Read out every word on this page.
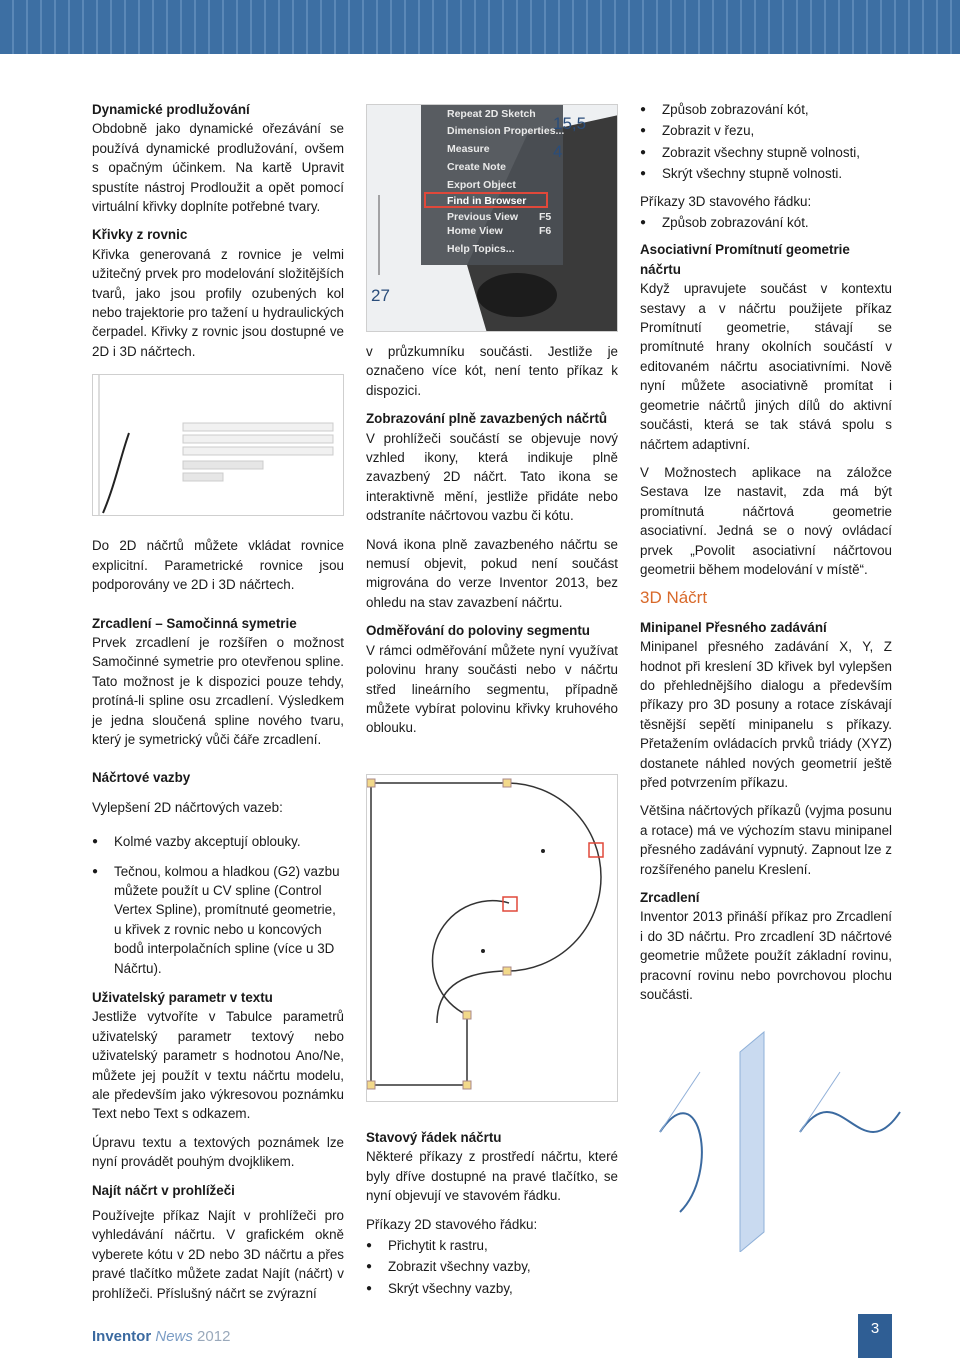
Dynamické prodlužování

Obdobně jako dynamické ořezávání se používá dynamické prodlužování, ovšem s opačným účinkem. Na kartě Upravit spustíte nástroj Prodloužit a opět pomocí virtuální křivky doplníte potřebné tvary.

Křivky z rovnic

Křivka generovaná z rovnice je velmi užitečný prvek pro modelování složitějších tvarů, jako jsou profily ozubených kol nebo trajektorie pro tažení u hydraulických čerpadel. Křivky z rovnic jsou dostupné ve 2D i 3D náčrtech.

Do 2D náčrtů můžete vkládat rovnice explicitní. Parametrické rovnice jsou podporovány ve 2D i 3D náčrtech.

Zrcadlení – Samočinná symetrie

Prvek zrcadlení je rozšířen o možnost Samočinné symetrie pro otevřenou spline. Tato možnost je k dispozici pouze tehdy, protíná-li spline osu zrcadlení. Výsledkem je jedna sloučená spline nového tvaru, který je symetrický vůči čáře zrcadlení.

Náčrtové vazby

Vylepšení 2D náčrtových vazeb:

● Kolmé vazby akceptují oblouky.
● Tečnou, kolmou a hladkou (G2) vazbu můžete použít u CV spline (Control Vertex Spline), promítnuté geometrie, u křivek z rovnic nebo u koncových bodů interpolačních spline (více u 3D Náčrtu).
Uživatelský parametr v textu

Jestliže vytvoříte v Tabulce parametrů uživatelský parametr textový nebo uživatelský parametr s hodnotou Ano/Ne, můžete jej použít v textu náčrtu modelu, ale především jako výkresovou poznámku Text nebo Text s odkazem.

Úpravu textu a textových poznámek lze nyní provádět pouhým dvojklikem.

Najít náčrt v prohlížeči

Používejte příkaz Najít v prohlížeči pro vyhledávání náčrtu. V grafickém okně vyberete kótu v 2D nebo 3D náčrtu a přes pravé tlačítko můžete zadat Najít (náčrt) v prohlížeči. Příslušný náčrt se zvýrazní

15,5
4
27
Repeat 2D Sketch
Dimension Properties...
Measure
Create Note
Export Object
Find in Browser
Previous View F5
Home View	F6
Help Topics...

v průzkumníku součásti. Jestliže je označeno více kót, není tento příkaz k dispozici.

Zobrazování plně zavazbených náčrtů

V prohlížeči součástí se objevuje nový vzhled ikony, která indikuje plně zavazbený 2D náčrt. Tato ikona se interaktivně mění, jestliže přidáte nebo odstraníte náčrtovou vazbu či kótu.

Nová ikona plně zavazbeného náčrtu se nemusí objevit, pokud není součást migrována do verze Inventor 2013, bez ohledu na stav zavazbení náčrtu.

Odměřování do poloviny segmentu

V rámci odměřování můžete nyní využívat polovinu hrany součásti nebo v náčrtu střed lineárního segmentu, případně můžete vybírat polovinu křivky kruhového oblouku.

Stavový řádek náčrtu

Některé příkazy z prostředí náčrtu, které byly dříve dostupné na pravé tlačítko, se nyní objevují ve stavovém řádku.

Příkazy 2D stavového řádku:

● Přichytit k rastru,
● Zobrazit všechny vazby,
● Skrýt všechny vazby,
● Způsob zobrazování kót,
● Zobrazit v řezu,
● Zobrazit všechny stupně volnosti,
● Skrýt všechny stupně volnosti.

Příkazy 3D stavového řádku:

● Způsob zobrazování kót.
Asociativní Promítnutí geometrie náčrtu

Když upravujete součást v kontextu sestavy a v náčrtu použijete příkaz Promítnutí geometrie, stávají se promítnuté hrany okolních součástí v editovaném náčrtu asociativními. Nově nyní můžete asociativně promítat i geometrie náčrtů jiných dílů do aktivní součásti, která se tak stává spolu s náčrtem adaptivní.

V Možnostech aplikace na záložce Sestava lze nastavit, zda má být promítnutá náčrtová geometrie asociativní. Jedná se o nový ovládací prvek „Povolit asociativní náčrtovou geometrii během modelování v místě“.

3D Náčrt
Minipanel Přesného zadávání

Minipanel přesného zadávání X, Y, Z hodnot při kreslení 3D křivek byl vylepšen do přehlednějšího dialogu a především příkazy pro 3D posuny a rotace získávají těsnější sepětí minipanelu s příkazy. Přetažením ovládacích prvků triády (XYZ) dostanete náhled nových geometrií ještě před potvrzením příkazu.

Většina náčrtových příkazů (vyjma posunu a rotace) má ve výchozím stavu minipanel přesného zadávání vypnutý. Zapnout lze z rozšířeného panelu Kreslení.

Zrcadlení

Inventor 2013 přináší příkaz pro Zrcadlení i do 3D náčrtu. Pro zrcadlení 3D náčrtové geometrie můžete použít základní rovinu, pracovní rovinu nebo povrchovou plochu součásti.

Inventor News 2012	3
